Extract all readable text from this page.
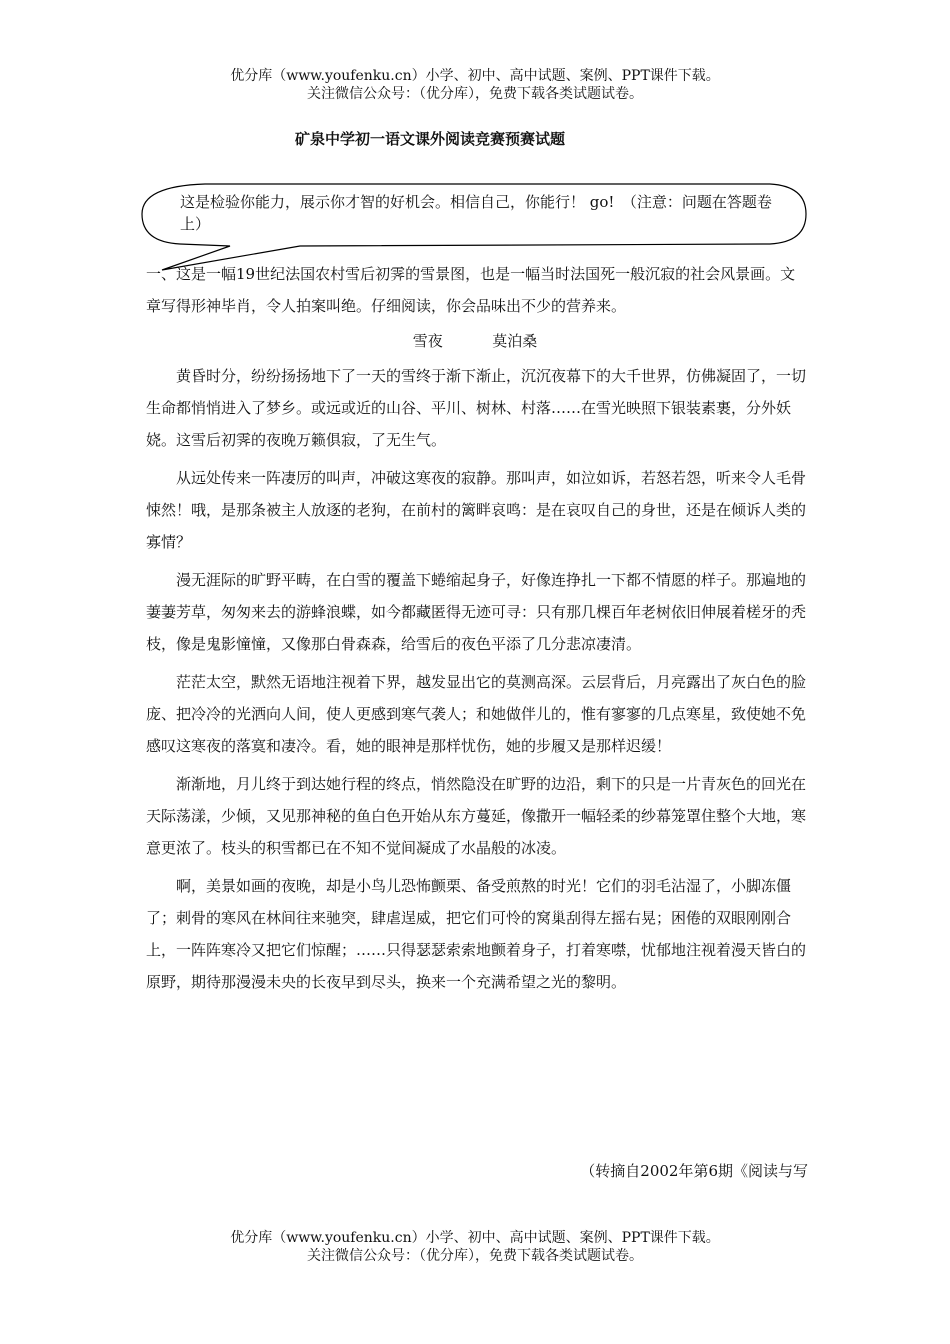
优分库（www.youfenku.cn）小学、初中、高中试题、案例、PPT课件下载。
关注微信公众号：（优分库），免费下载各类试题试卷。
矿泉中学初一语文课外阅读竞赛预赛试题
这是检验你能力，展示你才智的好机会。相信自己，你能行！ go!　（注意：问题在答题卷上）
一、这是一幅19世纪法国农村雪后初霁的雪景图，也是一幅当时法国死一般沉寂的社会风景画。文章写得形神毕肖，令人拍案叫绝。仔细阅读，你会品味出不少的营养来。
雪夜	莫泊桑

黄昏时分，纷纷扬扬地下了一天的雪终于渐下渐止，沉沉夜幕下的大千世界，仿佛凝固了，一切生命都悄悄进入了梦乡。或远或近的山谷、平川、树林、村落……在雪光映照下银装素裹，分外妖娆。这雪后初霁的夜晚万籁俱寂，了无生气。

从远处传来一阵凄厉的叫声，冲破这寒夜的寂静。那叫声，如泣如诉，若怒若怨，听来令人毛骨悚然！哦，是那条被主人放逐的老狗，在前村的篱畔哀鸣：是在哀叹自己的身世，还是在倾诉人类的寡情？

漫无涯际的旷野平畴，在白雪的覆盖下蜷缩起身子，好像连挣扎一下都不情愿的样子。那遍地的萋萋芳草，匆匆来去的游蜂浪蝶，如今都藏匿得无迹可寻：只有那几棵百年老树依旧伸展着槎牙的秃枝，像是鬼影憧憧，又像那白骨森森，给雪后的夜色平添了几分悲凉凄清。

茫茫太空，默然无语地注视着下界，越发显出它的莫测高深。云层背后，月亮露出了灰白色的脸庞、把冷冷的光洒向人间，使人更感到寒气袭人；和她做伴儿的，惟有寥寥的几点寒星，致使她不免感叹这寒夜的落寞和凄冷。看，她的眼神是那样忧伤，她的步履又是那样迟缓！

渐渐地，月儿终于到达她行程的终点，悄然隐没在旷野的边沿，剩下的只是一片青灰色的回光在天际荡漾，少倾，又见那神秘的鱼白色开始从东方蔓延，像撒开一幅轻柔的纱幕笼罩住整个大地，寒意更浓了。枝头的积雪都已在不知不觉间凝成了水晶般的冰凌。

啊，美景如画的夜晚，却是小鸟儿恐怖颤栗、备受煎熬的时光！它们的羽毛沾湿了，小脚冻僵了；刺骨的寒风在林间往来驰突，肆虐逞威，把它们可怜的窝巢刮得左摇右晃；困倦的双眼刚刚合上，一阵阵寒冷又把它们惊醒；……只得瑟瑟索索地颤着身子，打着寒噤，忧郁地注视着漫天皆白的原野，期待那漫漫未央的长夜早到尽头，换来一个充满希望之光的黎明。

（转摘自2002年第6期《阅读与写
优分库（www.youfenku.cn）小学、初中、高中试题、案例、PPT课件下载。
关注微信公众号：（优分库），免费下载各类试题试卷。
